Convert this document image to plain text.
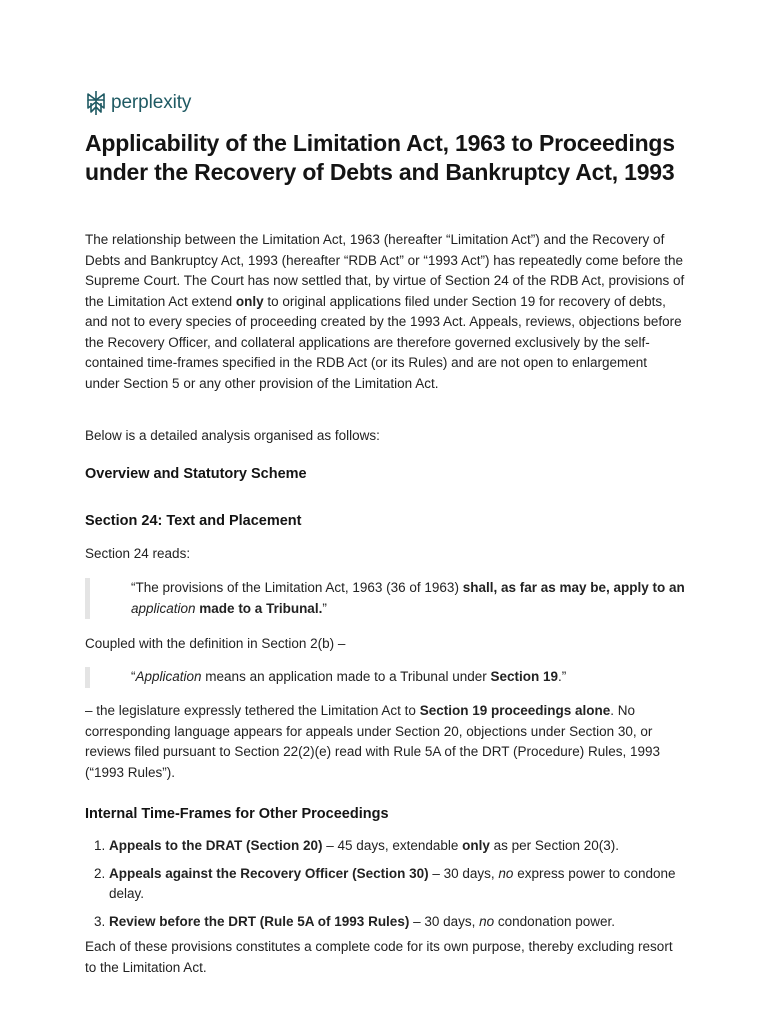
perplexity
Applicability of the Limitation Act, 1963 to Proceedings under the Recovery of Debts and Bankruptcy Act, 1993

The relationship between the Limitation Act, 1963 (hereafter “Limitation Act”) and the Recovery of Debts and Bankruptcy Act, 1993 (hereafter “RDB Act” or “1993 Act”) has repeatedly come before the Supreme Court. The Court has now settled that, by virtue of Section 24 of the RDB Act, provisions of the Limitation Act extend only to original applications filed under Section 19 for recovery of debts, and not to every species of proceeding created by the 1993 Act. Appeals, reviews, objections before the Recovery Officer, and collateral applications are therefore governed exclusively by the self-contained time-frames specified in the RDB Act (or its Rules) and are not open to enlargement under Section 5 or any other provision of the Limitation Act.

Below is a detailed analysis organised as follows:

Overview and Statutory Scheme
Section 24: Text and Placement

Section 24 reads:

“The provisions of the Limitation Act, 1963 (36 of 1963) shall, as far as may be, apply to an application made to a Tribunal.”

Coupled with the definition in Section 2(b) –

“Application means an application made to a Tribunal under Section 19.”

– the legislature expressly tethered the Limitation Act to Section 19 proceedings alone. No corresponding language appears for appeals under Section 20, objections under Section 30, or reviews filed pursuant to Section 22(2)(e) read with Rule 5A of the DRT (Procedure) Rules, 1993 (“1993 Rules”).

Internal Time-Frames for Other Proceedings
1. Appeals to the DRAT (Section 20) – 45 days, extendable only as per Section 20(3).
2. Appeals against the Recovery Officer (Section 30) – 30 days, no express power to condone delay.
3. Review before the DRT (Rule 5A of 1993 Rules) – 30 days, no condonation power.

Each of these provisions constitutes a complete code for its own purpose, thereby excluding resort to the Limitation Act.
